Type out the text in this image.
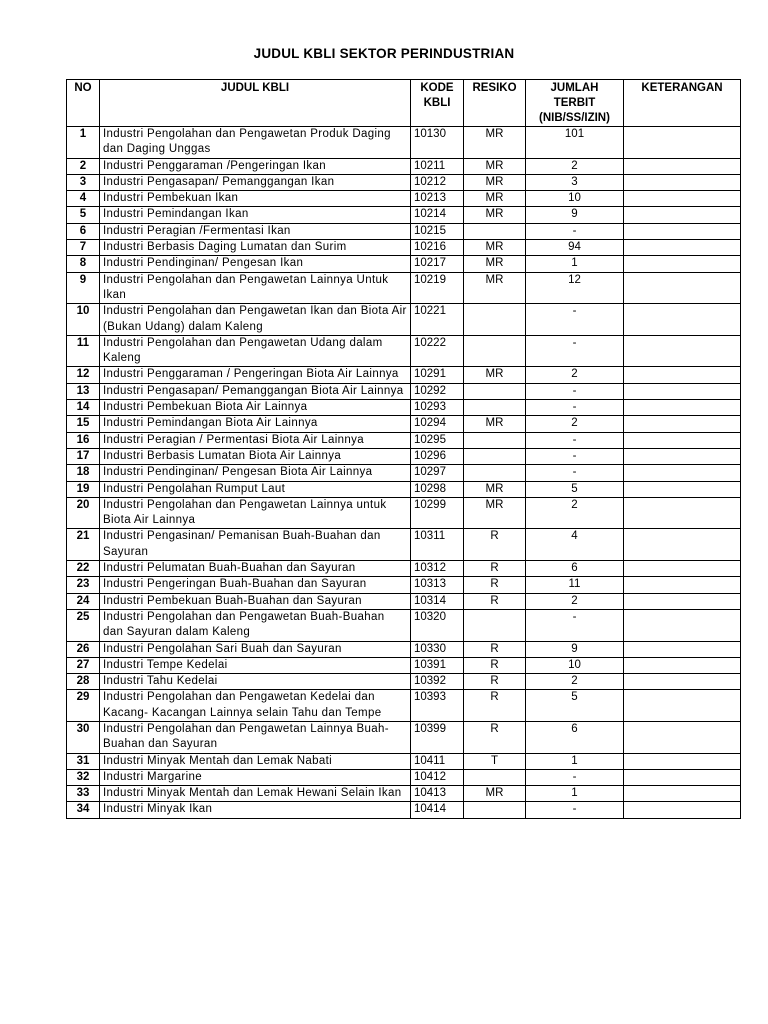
JUDUL KBLI SEKTOR PERINDUSTRIAN
NO	JUDUL KBLI	KODE KBLI	RESIKO	JUMLAH TERBIT (NIB/SS/IZIN)	KETERANGAN
1	Industri Pengolahan dan Pengawetan Produk Daging dan Daging Unggas	10130	MR	101	
2	Industri Penggaraman /Pengeringan Ikan	10211	MR	2	
3	Industri Pengasapan/ Pemanggangan Ikan	10212	MR	3	
4	Industri Pembekuan Ikan	10213	MR	10	
5	Industri Pemindangan Ikan	10214	MR	9	
6	Industri Peragian /Fermentasi Ikan	10215		-	
7	Industri Berbasis Daging Lumatan dan Surim	10216	MR	94	
8	Industri Pendinginan/ Pengesan Ikan	10217	MR	1	
9	Industri Pengolahan dan Pengawetan Lainnya Untuk Ikan	10219	MR	12	
10	Industri Pengolahan dan Pengawetan Ikan dan Biota Air (Bukan Udang) dalam Kaleng	10221		-	
11	Industri Pengolahan dan Pengawetan Udang dalam Kaleng	10222		-	
12	Industri Penggaraman / Pengeringan Biota Air Lainnya	10291	MR	2	
13	Industri Pengasapan/ Pemanggangan Biota Air Lainnya	10292		-	
14	Industri Pembekuan Biota Air Lainnya	10293		-	
15	Industri Pemindangan Biota Air Lainnya	10294	MR	2	
16	Industri Peragian / Permentasi Biota Air Lainnya	10295		-	
17	Industri Berbasis Lumatan Biota Air Lainnya	10296		-	
18	Industri Pendinginan/ Pengesan Biota Air Lainnya	10297		-	
19	Industri Pengolahan Rumput Laut	10298	MR	5	
20	Industri Pengolahan dan Pengawetan Lainnya untuk Biota Air Lainnya	10299	MR	2	
21	Industri Pengasinan/ Pemanisan Buah-Buahan dan Sayuran	10311	R	4	
22	Industri Pelumatan Buah-Buahan dan Sayuran	10312	R	6	
23	Industri Pengeringan Buah-Buahan dan Sayuran	10313	R	11	
24	Industri Pembekuan Buah-Buahan dan Sayuran	10314	R	2	
25	Industri Pengolahan dan Pengawetan Buah-Buahan dan Sayuran dalam Kaleng	10320		-	
26	Industri Pengolahan Sari Buah dan Sayuran	10330	R	9	
27	Industri Tempe Kedelai	10391	R	10	
28	Industri Tahu Kedelai	10392	R	2	
29	Industri Pengolahan dan Pengawetan Kedelai dan Kacang- Kacangan Lainnya selain Tahu dan Tempe	10393	R	5	
30	Industri Pengolahan dan Pengawetan Lainnya Buah-Buahan dan Sayuran	10399	R	6	
31	Industri Minyak Mentah dan Lemak Nabati	10411	T	1	
32	Industri Margarine	10412		-	
33	Industri Minyak Mentah dan Lemak Hewani Selain Ikan	10413	MR	1	
34	Industri Minyak Ikan	10414		-	
